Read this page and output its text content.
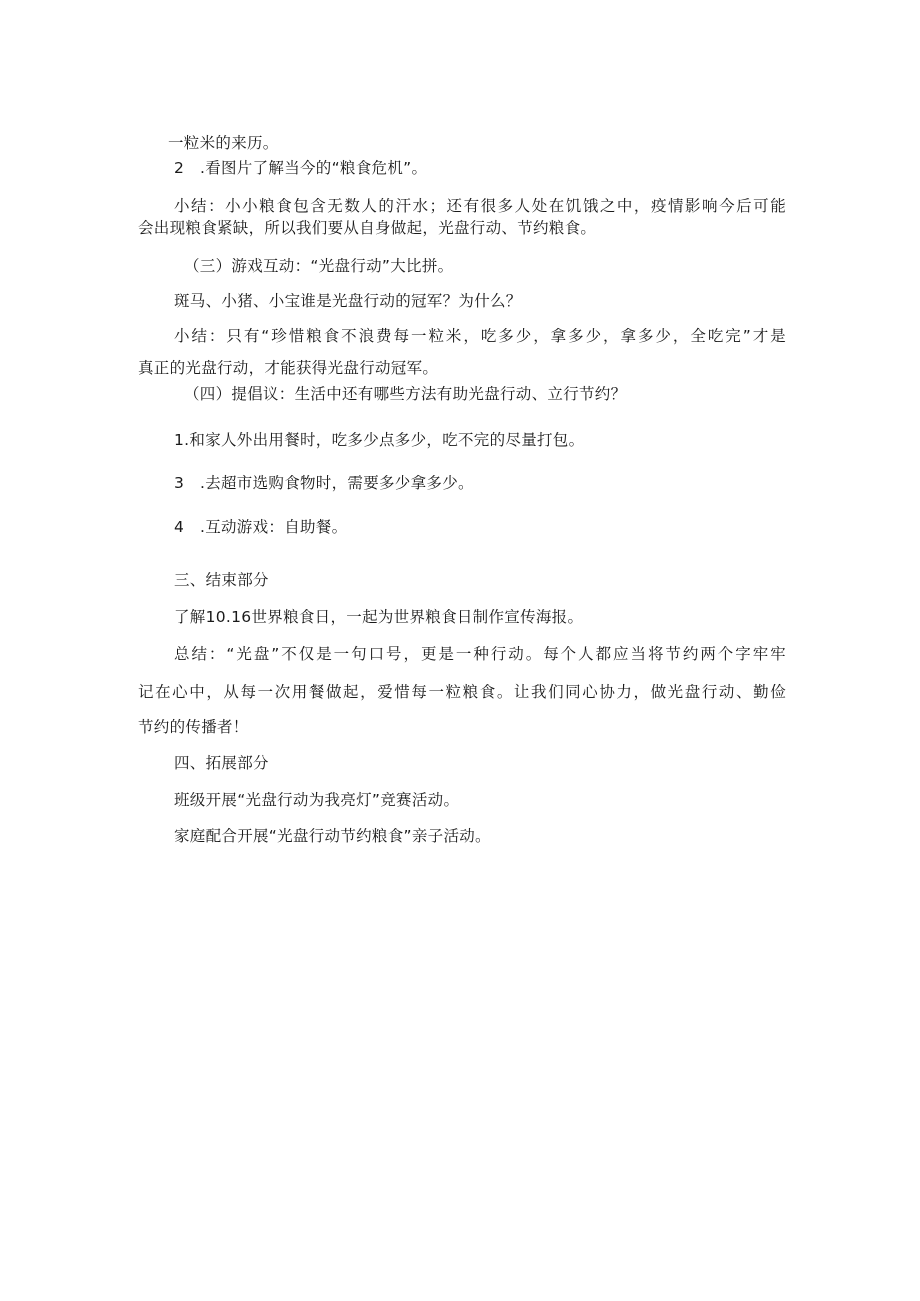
一粒米的来历。
2　.看图片了解当今的“粮食危机”。
小结：小小粮食包含无数人的汗水；还有很多人处在饥饿之中，疫情影响今后可能
会出现粮食紧缺，所以我们要从自身做起，光盘行动、节约粮食。
（三）游戏互动：“光盘行动”大比拼。
斑马、小猪、小宝谁是光盘行动的冠军？为什么？
小结：只有“珍惜粮食不浪费每一粒米，吃多少，拿多少，拿多少，全吃完”才是
真正的光盘行动，才能获得光盘行动冠军。
（四）提倡议：生活中还有哪些方法有助光盘行动、立行节约？
1.和家人外出用餐时，吃多少点多少，吃不完的尽量打包。
3　.去超市选购食物时，需要多少拿多少。
4　.互动游戏：自助餐。
三、结束部分
了解10.16世界粮食日，一起为世界粮食日制作宣传海报。
总结：“光盘”不仅是一句口号，更是一种行动。每个人都应当将节约两个字牢牢
记在心中，从每一次用餐做起，爱惜每一粒粮食。让我们同心协力，做光盘行动、勤俭
节约的传播者！
四、拓展部分
班级开展“光盘行动为我亮灯”竞赛活动。
家庭配合开展“光盘行动节约粮食”亲子活动。
